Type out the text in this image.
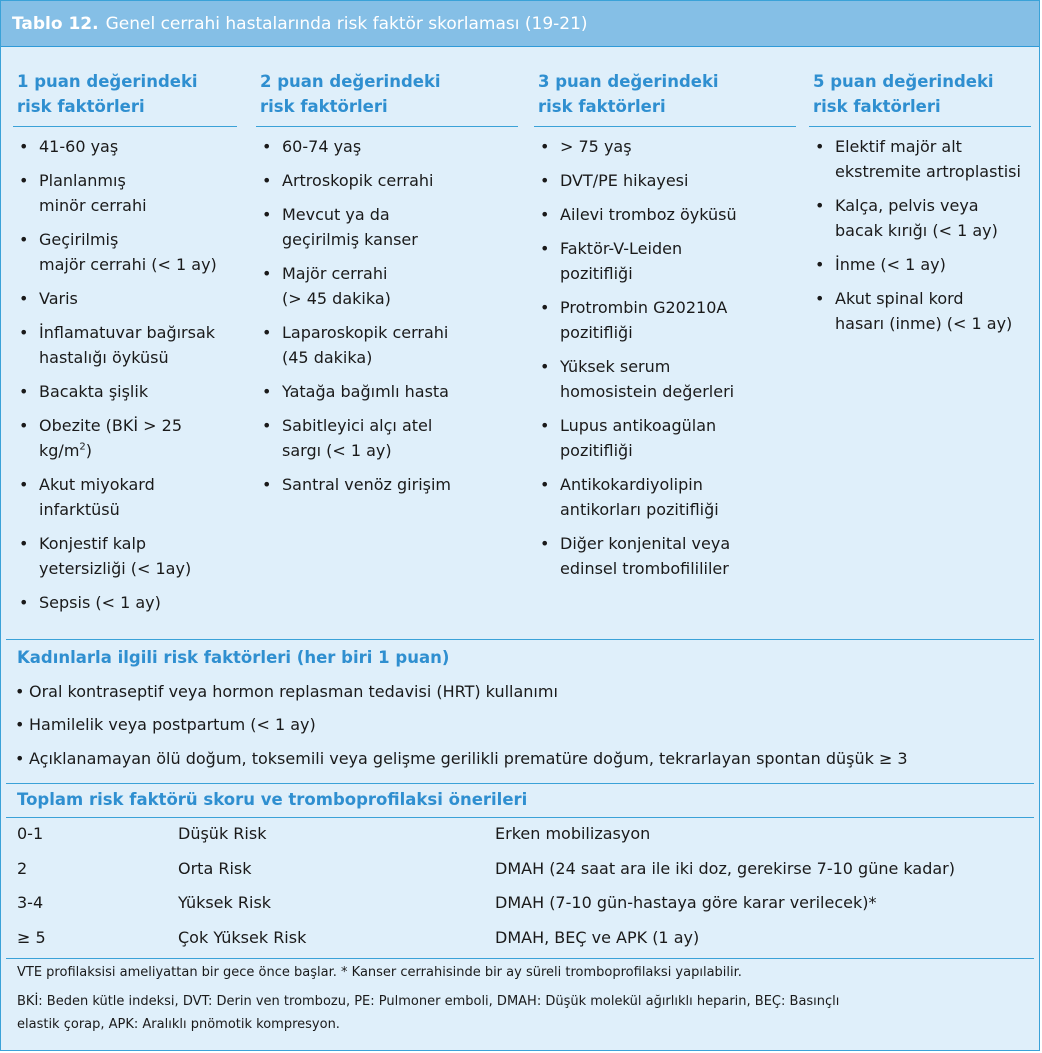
Tablo 12. Genel cerrahi hastalarında risk faktör skorlaması (19-21)
1 puan değerindeki
risk faktörleri
• 41-60 yaş
• Planlanmış
minör cerrahi
• Geçirilmiş
majör cerrahi (< 1 ay)
• Varis
• İnflamatuvar bağırsak
hastalığı öyküsü
• Bacakta şişlik
• Obezite (BKİ > 25
$kg/m^2$)
• Akut miyokard
infarktüsü
• Konjestif kalp
yetersizliği (< 1ay)
• Sepsis (< 1 ay)
2 puan değerindeki
risk faktörleri
• 60-74 yaş
• Artroskopik cerrahi
• Mevcut ya da
geçirilmiş kanser
• Majör cerrahi
(> 45 dakika)
• Laparoskopik cerrahi
(45 dakika)
• Yatağa bağımlı hasta
• Sabitleyici alçı atel
sargı (< 1 ay)
• Santral venöz girişim
3 puan değerindeki
risk faktörleri
• > 75 yaş
• DVT/PE hikayesi
• Ailevi tromboz öyküsü
• Faktör-V-Leiden
pozitifliği
• Protrombin G20210A
pozitifliği
• Yüksek serum
homosistein değerleri
• Lupus antikoagülan
pozitifliği
• Antikokardiyolipin
antikorları pozitifliği
• Diğer konjenital veya
edinsel trombofilililer
5 puan değerindeki
risk faktörleri
• Elektif majör alt
ekstremite artroplastisi
• Kalça, pelvis veya
bacak kırığı (< 1 ay)
• İnme (< 1 ay)
• Akut spinal kord
hasarı (inme) (< 1 ay)
Kadınlarla ilgili risk faktörleri (her biri 1 puan)
• Oral kontraseptif veya hormon replasman tedavisi (HRT) kullanımı
• Hamilelik veya postpartum (< 1 ay)
• Açıklanamayan ölü doğum, toksemili veya gelişme gerilikli prematüre doğum, tekrarlayan spontan düşük ≥ 3
Toplam risk faktörü skoru ve tromboprofilaksi önerileri
0-1	Düşük Risk	Erken mobilizasyon
2	Orta Risk	DMAH (24 saat ara ile iki doz, gerekirse 7-10 güne kadar)
3-4	Yüksek Risk	DMAH (7-10 gün-hastaya göre karar verilecek)*
≥ 5	Çok Yüksek Risk	DMAH, BEÇ ve APK (1 ay)
VTE profilaksisi ameliyattan bir gece önce başlar. * Kanser cerrahisinde bir ay süreli tromboprofilaksi yapılabilir.
BKİ: Beden kütle indeksi, DVT: Derin ven trombozu, PE: Pulmoner emboli, DMAH: Düşük molekül ağırlıklı heparin, BEÇ: Basınçlı
elastik çorap, APK: Aralıklı pnömotik kompresyon.
